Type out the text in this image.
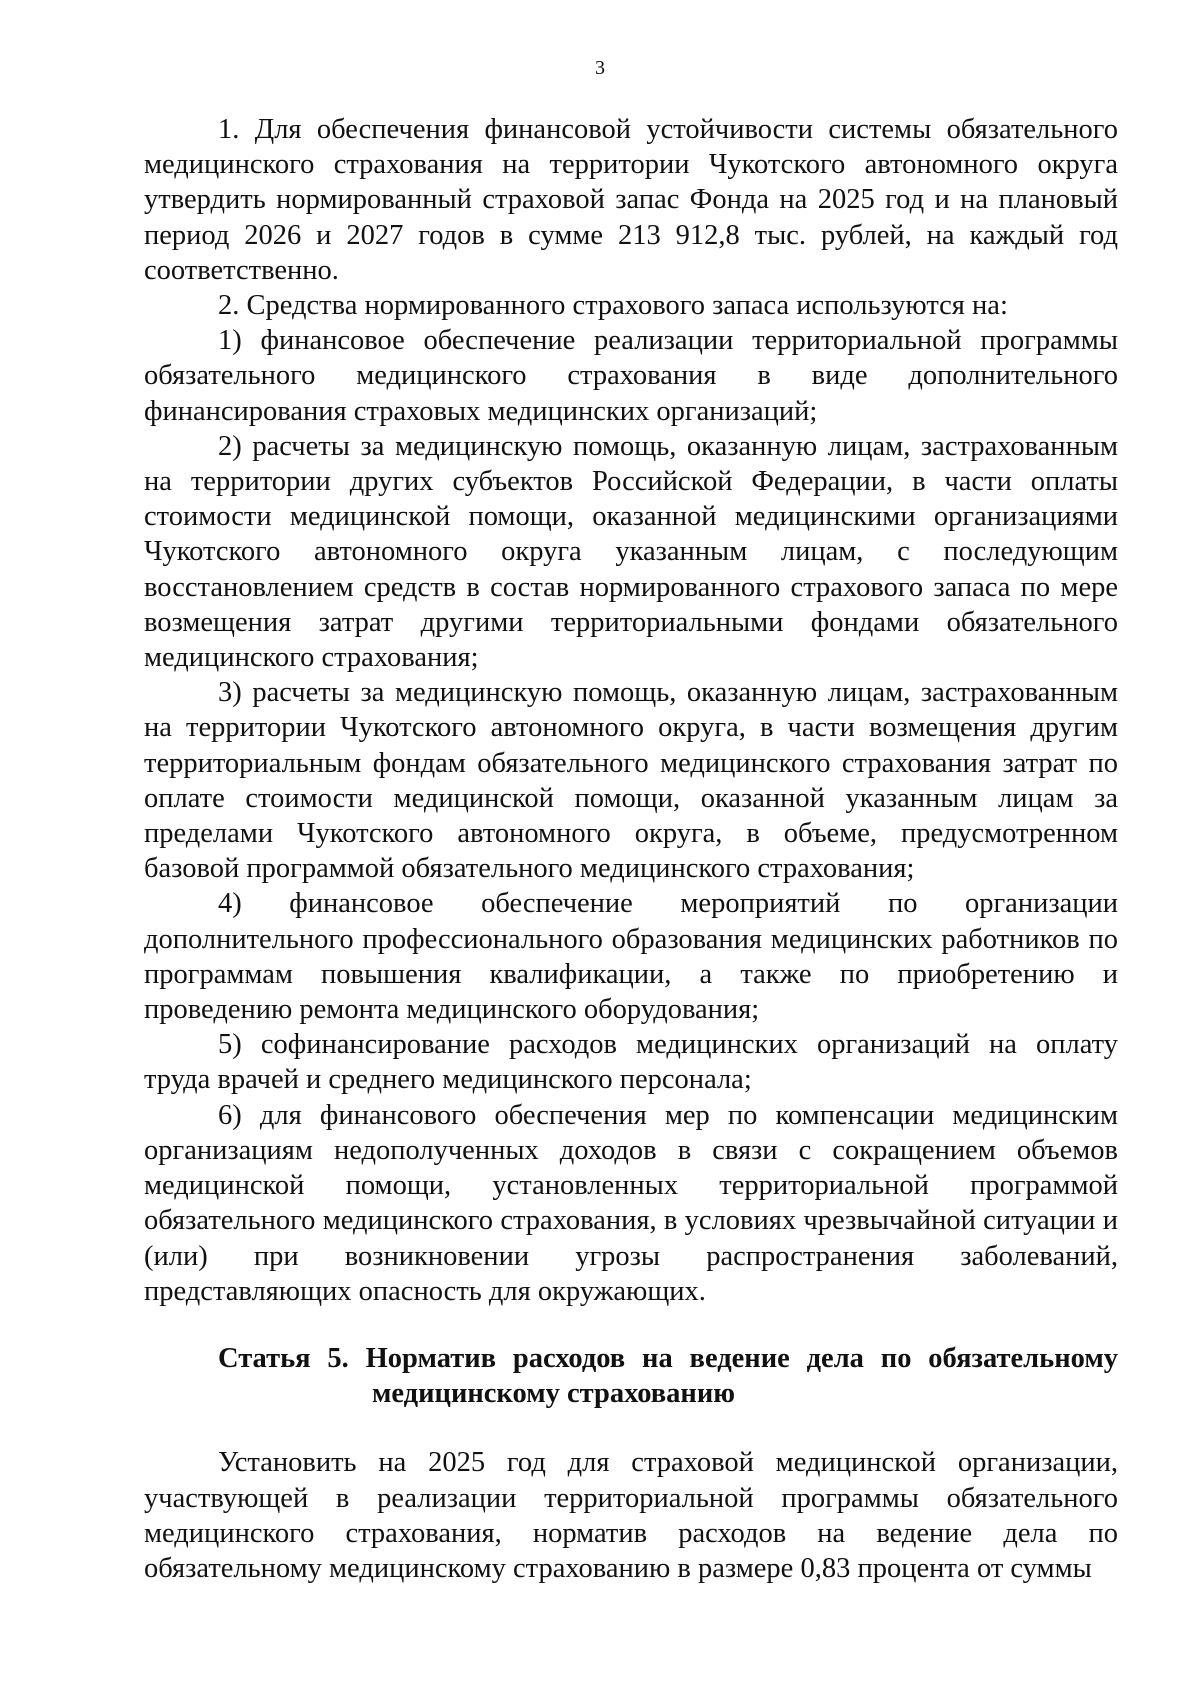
3

1. Для обеспечения финансовой устойчивости системы обязательного медицинского страхования на территории Чукотского автономного округа утвердить нормированный страховой запас Фонда на 2025 год и на плановый период 2026 и 2027 годов в сумме 213 912,8 тыс. рублей, на каждый год соответственно.

2. Средства нормированного страхового запаса используются на:

1) финансовое обеспечение реализации территориальной программы обязательного медицинского страхования в виде дополнительного финансирования страховых медицинских организаций;

2) расчеты за медицинскую помощь, оказанную лицам, застрахованным на территории других субъектов Российской Федерации, в части оплаты стоимости медицинской помощи, оказанной медицинскими организациями Чукотского автономного округа указанным лицам, с последующим восстановлением средств в состав нормированного страхового запаса по мере возмещения затрат другими территориальными фондами обязательного медицинского страхования;

3) расчеты за медицинскую помощь, оказанную лицам, застрахованным на территории Чукотского автономного округа, в части возмещения другим территориальным фондам обязательного медицинского страхования затрат по оплате стоимости медицинской помощи, оказанной указанным лицам за пределами Чукотского автономного округа, в объеме, предусмотренном базовой программой обязательного медицинского страхования;

4) финансовое обеспечение мероприятий по организации дополнительного профессионального образования медицинских работников по программам повышения квалификации, а также по приобретению и проведению ремонта медицинского оборудования;

5) софинансирование расходов медицинских организаций на оплату труда врачей и среднего медицинского персонала;

6) для финансового обеспечения мер по компенсации медицинским организациям недополученных доходов в связи с сокращением объемов медицинской помощи, установленных территориальной программой обязательного медицинского страхования, в условиях чрезвычайной ситуации и (или) при возникновении угрозы распространения заболеваний, представляющих опасность для окружающих.

Статья 5. Норматив расходов на ведение дела по обязательному
медицинскому страхованию

Установить на 2025 год для страховой медицинской организации, участвующей в реализации территориальной программы обязательного медицинского страхования, норматив расходов на ведение дела по обязательному медицинскому страхованию в размере 0,83 процента от суммы
